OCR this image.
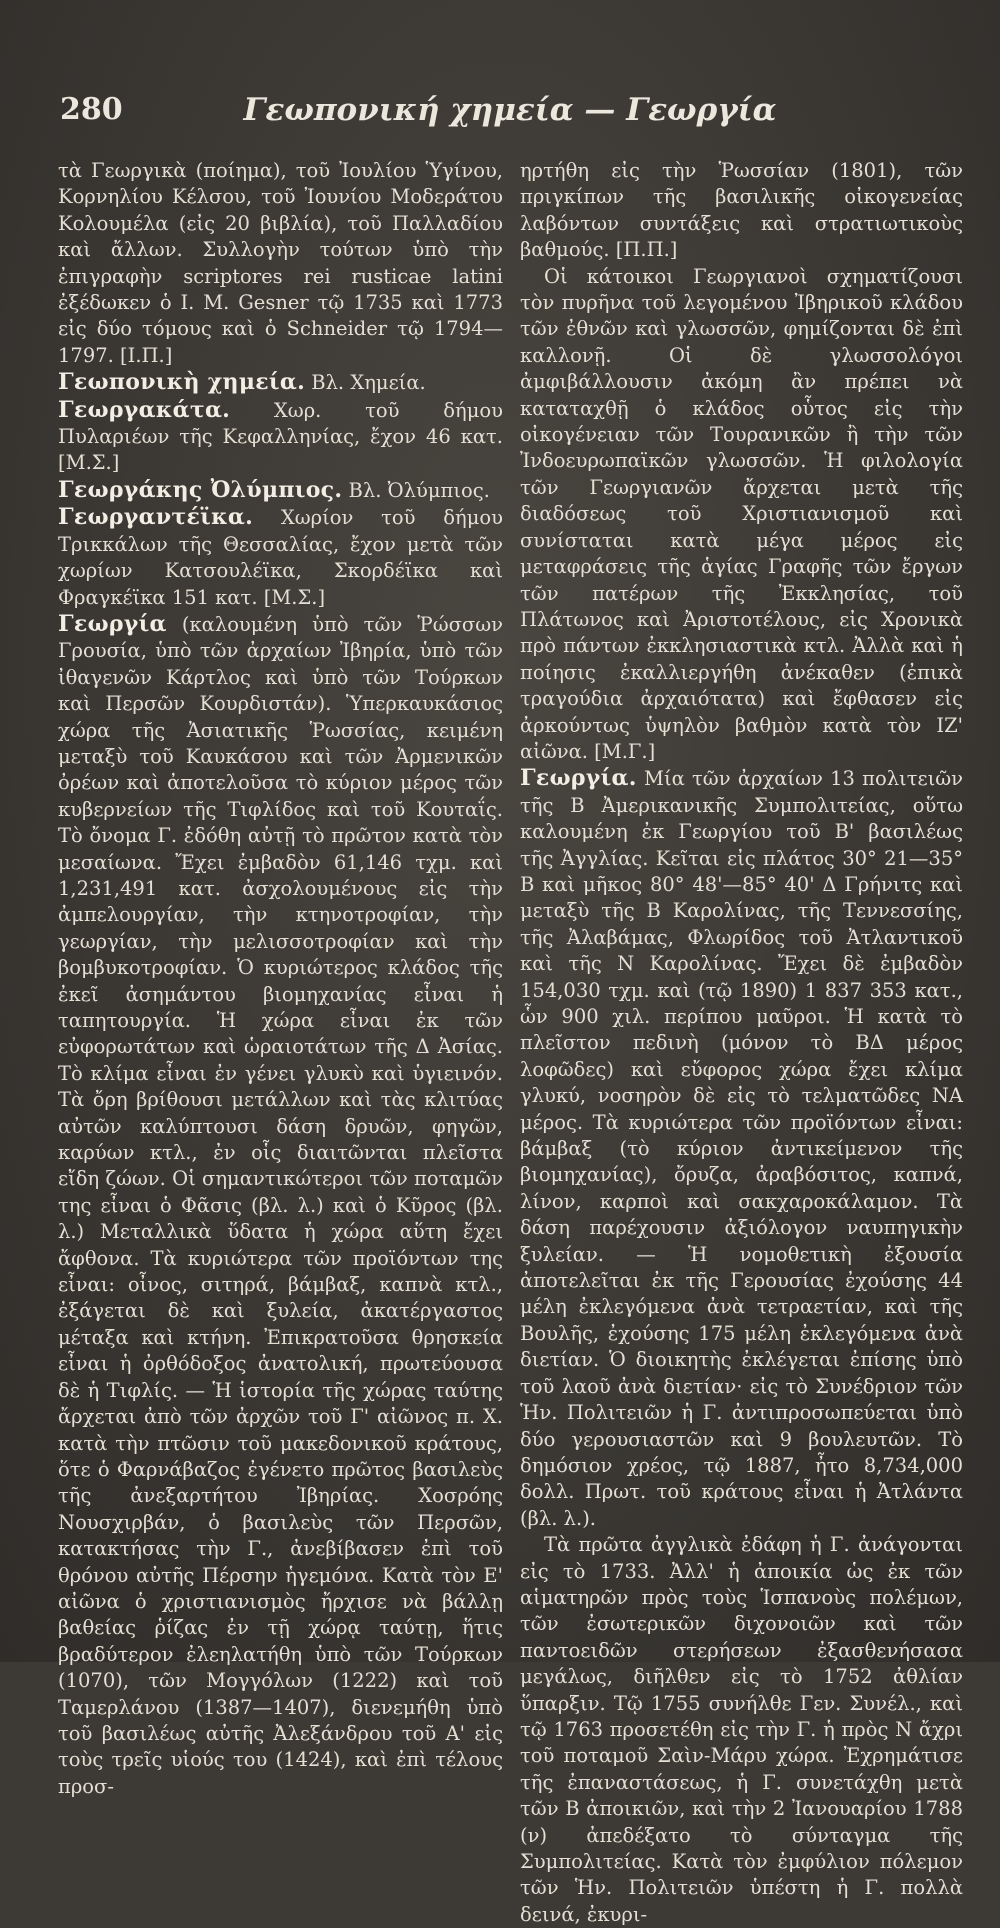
280	Γεωπονική χημεία — Γεωργία

τὰ Γεωργικὰ (ποίημα), τοῦ Ἰουλίου Ὑγίνου, Κορνηλίου Κέλσου, τοῦ Ἰουνίου Μοδεράτου Κολουμέλα (εἰς 20 βιβλία), τοῦ Παλλαδίου καὶ ἄλλων. Συλλογὴν τούτων ὑπὸ τὴν ἐπιγραφὴν scriptores rei rusticae latini ἐξέδωκεν ὁ I. M. Gesner τῷ 1735 καὶ 1773 εἰς δύο τόμους καὶ ὁ Schneider τῷ 1794—1797. [Ι.Π.]

Γεωπονικὴ χημεία. Βλ. Χημεία.

Γεωργακάτα. Χωρ. τοῦ δήμου Πυλαριέων τῆς Κεφαλληνίας, ἔχον 46 κατ. [Μ.Σ.]

Γεωργάκης Ὀλύμπιος. Βλ. Ὀλύμπιος.

Γεωργαντέϊκα. Χωρίον τοῦ δήμου Τρικκάλων τῆς Θεσσαλίας, ἔχον μετὰ τῶν χωρίων Κατσουλέϊκα, Σκορδέϊκα καὶ Φραγκέϊκα 151 κατ. [Μ.Σ.]

Γεωργία (καλουμένη ὑπὸ τῶν Ῥώσσων Γρουσία, ὑπὸ τῶν ἀρχαίων Ἰβηρία, ὑπὸ τῶν ἰθαγενῶν Κάρτλος καὶ ὑπὸ τῶν Τούρκων καὶ Περσῶν Κουρδιστάν). Ὑπερκαυκάσιος χώρα τῆς Ἀσιατικῆς Ῥωσσίας, κειμένη μεταξὺ τοῦ Καυκάσου καὶ τῶν Ἀρμενικῶν ὀρέων καὶ ἀποτελοῦσα τὸ κύριον μέρος τῶν κυβερνείων τῆς Τιφλίδος καὶ τοῦ Κουταΐς. Τὸ ὄνομα Γ. ἐδόθη αὐτῇ τὸ πρῶτον κατὰ τὸν μεσαίωνα. Ἔχει ἐμβαδὸν 61,146 τχμ. καὶ 1,231,491 κατ. ἀσχολουμένους εἰς τὴν ἀμπελουργίαν, τὴν κτηνοτροφίαν, τὴν γεωργίαν, τὴν μελισσοτροφίαν καὶ τὴν βομβυκοτροφίαν. Ὁ κυριώτερος κλάδος τῆς ἐκεῖ ἀσημάντου βιομηχανίας εἶναι ἡ ταπητουργία. Ἡ χώρα εἶναι ἐκ τῶν εὐφορωτάτων καὶ ὡραιοτάτων τῆς Δ Ἀσίας. Τὸ κλίμα εἶναι ἐν γένει γλυκὺ καὶ ὑγιεινόν. Τὰ ὄρη βρίθουσι μετάλλων καὶ τὰς κλιτύας αὐτῶν καλύπτουσι δάση δρυῶν, φηγῶν, καρύων κτλ., ἐν οἷς διαιτῶνται πλεῖστα εἴδη ζώων. Οἱ σημαντικώτεροι τῶν ποταμῶν της εἶναι ὁ Φᾶσις (βλ. λ.) καὶ ὁ Κῦρος (βλ. λ.) Μεταλλικὰ ὕδατα ἡ χώρα αὕτη ἔχει ἄφθονα. Τὰ κυριώτερα τῶν προϊόντων της εἶναι: οἶνος, σιτηρά, βάμβαξ, καπνὰ κτλ., ἐξάγεται δὲ καὶ ξυλεία, ἀκατέργαστος μέταξα καὶ κτήνη. Ἐπικρατοῦσα θρησκεία εἶναι ἡ ὀρθόδοξος ἀνατολική, πρωτεύουσα δὲ ἡ Τιφλίς. — Ἡ ἱστορία τῆς χώρας ταύτης ἄρχεται ἀπὸ τῶν ἀρχῶν τοῦ Γ' αἰῶνος π. Χ. κατὰ τὴν πτῶσιν τοῦ μακεδονικοῦ κράτους, ὅτε ὁ Φαρνάβαζος ἐγένετο πρῶτος βασιλεὺς τῆς ἀνεξαρτήτου Ἰβηρίας. Χοσρόης Νουσχιρβάν, ὁ βασιλεὺς τῶν Περσῶν, κατακτήσας τὴν Γ., ἀνεβίβασεν ἐπὶ τοῦ θρόνου αὐτῆς Πέρσην ἡγεμόνα. Κατὰ τὸν Ε' αἰῶνα ὁ χριστιανισμὸς ἤρχισε νὰ βάλλῃ βαθείας ῥίζας ἐν τῇ χώρᾳ ταύτῃ, ἥτις βραδύτερον ἐλεηλατήθη ὑπὸ τῶν Τούρκων (1070), τῶν Μογγόλων (1222) καὶ τοῦ Ταμερλάνου (1387—1407), διενεμήθη ὑπὸ τοῦ βασιλέως αὐτῆς Ἀλεξάνδρου τοῦ Α' εἰς τοὺς τρεῖς υἱούς του (1424), καὶ ἐπὶ τέλους προσ-

ηρτήθη εἰς τὴν Ῥωσσίαν (1801), τῶν πριγκίπων τῆς βασιλικῆς οἰκογενείας λαβόντων συντάξεις καὶ στρατιωτικοὺς βαθμούς. [Π.Π.]

Οἱ κάτοικοι Γεωργιανοὶ σχηματίζουσι τὸν πυρῆνα τοῦ λεγομένου Ἰβηρικοῦ κλάδου τῶν ἐθνῶν καὶ γλωσσῶν, φημίζονται δὲ ἐπὶ καλλονῇ. Οἱ δὲ γλωσσολόγοι ἀμφιβάλλουσιν ἀκόμη ἂν πρέπει νὰ καταταχθῇ ὁ κλάδος οὗτος εἰς τὴν οἰκογένειαν τῶν Τουρανικῶν ἢ τὴν τῶν Ἰνδοευρωπαϊκῶν γλωσσῶν. Ἡ φιλολογία τῶν Γεωργιανῶν ἄρχεται μετὰ τῆς διαδόσεως τοῦ Χριστιανισμοῦ καὶ συνίσταται κατὰ μέγα μέρος εἰς μεταφράσεις τῆς ἁγίας Γραφῆς τῶν ἔργων τῶν πατέρων τῆς Ἐκκλησίας, τοῦ Πλάτωνος καὶ Ἀριστοτέλους, εἰς Χρονικὰ πρὸ πάντων ἐκκλησιαστικὰ κτλ. Ἀλλὰ καὶ ἡ ποίησις ἐκαλλιεργήθη ἀνέκαθεν (ἐπικὰ τραγούδια ἀρχαιότατα) καὶ ἔφθασεν εἰς ἀρκούντως ὑψηλὸν βαθμὸν κατὰ τὸν ΙΖ' αἰῶνα. [Μ.Γ.]

Γεωργία. Μία τῶν ἀρχαίων 13 πολιτειῶν τῆς Β Ἀμερικανικῆς Συμπολιτείας, οὕτω καλουμένη ἐκ Γεωργίου τοῦ Β' βασιλέως τῆς Ἀγγλίας. Κεῖται εἰς πλάτος 30° 21—35° Β καὶ μῆκος 80° 48'—85° 40' Δ Γρήνιτς καὶ μεταξὺ τῆς Β Καρολίνας, τῆς Τεννεσσίης, τῆς Ἀλαβάμας, Φλωρίδος τοῦ Ἀτλαντικοῦ καὶ τῆς Ν Καρολίνας. Ἔχει δὲ ἐμβαδὸν 154,030 τχμ. καὶ (τῷ 1890) 1 837 353 κατ., ὧν 900 χιλ. περίπου μαῦροι. Ἡ κατὰ τὸ πλεῖστον πεδινὴ (μόνον τὸ ΒΔ μέρος λοφῶδες) καὶ εὔφορος χώρα ἔχει κλίμα γλυκύ, νοσηρὸν δὲ εἰς τὸ τελματῶδες ΝΑ μέρος. Τὰ κυριώτερα τῶν προϊόντων εἶναι: βάμβαξ (τὸ κύριον ἀντικείμενον τῆς βιομηχανίας), ὄρυζα, ἀραβόσιτος, καπνά, λίνον, καρποὶ καὶ σακχαροκάλαμον. Τὰ δάση παρέχουσιν ἀξιόλογον ναυπηγικὴν ξυλείαν. — Ἡ νομοθετικὴ ἐξουσία ἀποτελεῖται ἐκ τῆς Γερουσίας ἐχούσης 44 μέλη ἐκλεγόμενα ἀνὰ τετραετίαν, καὶ τῆς Βουλῆς, ἐχούσης 175 μέλη ἐκλεγόμενα ἀνὰ διετίαν. Ὁ διοικητὴς ἐκλέγεται ἐπίσης ὑπὸ τοῦ λαοῦ ἀνὰ διετίαν· εἰς τὸ Συνέδριον τῶν Ἡν. Πολιτειῶν ἡ Γ. ἀντιπροσωπεύεται ὑπὸ δύο γερουσιαστῶν καὶ 9 βουλευτῶν. Τὸ δημόσιον χρέος, τῷ 1887, ἦτο 8,734,000 δολλ. Πρωτ. τοῦ κράτους εἶναι ἡ Ἀτλάντα (βλ. λ.).

Τὰ πρῶτα ἀγγλικὰ ἐδάφη ἡ Γ. ἀνάγονται εἰς τὸ 1733. Ἀλλ' ἡ ἀποικία ὡς ἐκ τῶν αἱματηρῶν πρὸς τοὺς Ἱσπανοὺς πολέμων, τῶν ἐσωτερικῶν διχονοιῶν καὶ τῶν παντοειδῶν στερήσεων ἐξασθενήσασα μεγάλως, διῆλθεν εἰς τὸ 1752 ἀθλίαν ὕπαρξιν. Τῷ 1755 συνήλθε Γεν. Συνέλ., καὶ τῷ 1763 προσετέθη εἰς τὴν Γ. ἡ πρὸς Ν ἄχρι τοῦ ποταμοῦ Σαὶν-Μάρυ χώρα. Ἐχρημάτισε τῆς ἐπαναστάσεως, ἡ Γ. συνετάχθη μετὰ τῶν Β ἀποικιῶν, καὶ τὴν 2 Ἰανουαρίου 1788 (ν) ἀπεδέξατο τὸ σύνταγμα τῆς Συμπολιτείας. Κατὰ τὸν ἐμφύλιον πόλεμον τῶν Ἡν. Πολιτειῶν ὑπέστη ἡ Γ. πολλὰ δεινά, ἐκυρι-
